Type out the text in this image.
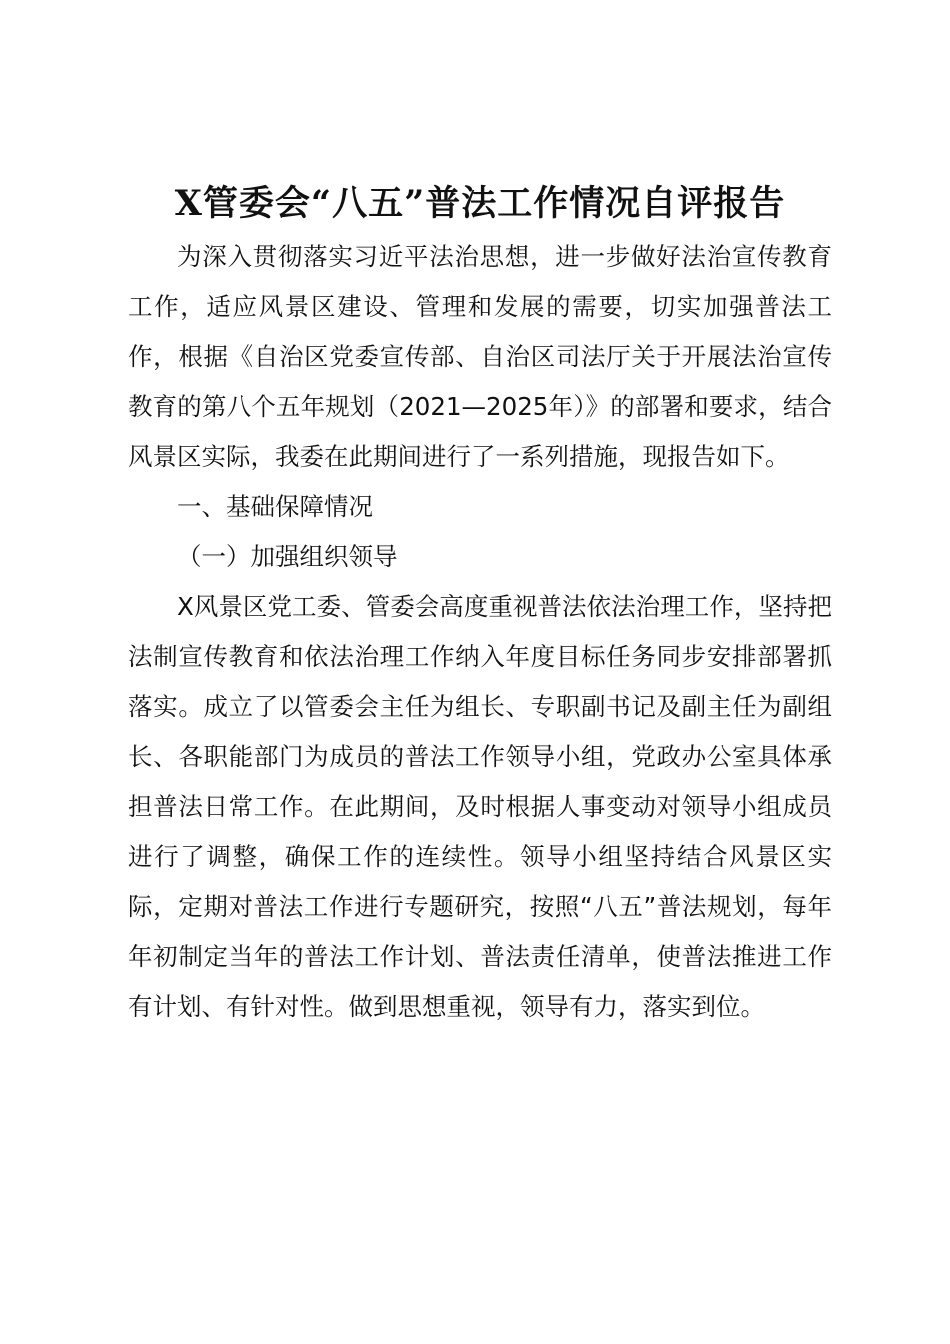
X管委会“八五”普法工作情况自评报告

为深入贯彻落实习近平法治思想，进一步做好法治宣传教育工作，适应风景区建设、管理和发展的需要，切实加强普法工作，根据《自治区党委宣传部、自治区司法厅关于开展法治宣传教育的第八个五年规划（2021—2025年）》的部署和要求，结合风景区实际，我委在此期间进行了一系列措施，现报告如下。

一、基础保障情况

（一）加强组织领导

X风景区党工委、管委会高度重视普法依法治理工作，坚持把法制宣传教育和依法治理工作纳入年度目标任务同步安排部署抓落实。成立了以管委会主任为组长、专职副书记及副主任为副组长、各职能部门为成员的普法工作领导小组，党政办公室具体承担普法日常工作。在此期间，及时根据人事变动对领导小组成员进行了调整，确保工作的连续性。领导小组坚持结合风景区实际，定期对普法工作进行专题研究，按照“八五”普法规划，每年年初制定当年的普法工作计划、普法责任清单，使普法推进工作有计划、有针对性。做到思想重视，领导有力，落实到位。
